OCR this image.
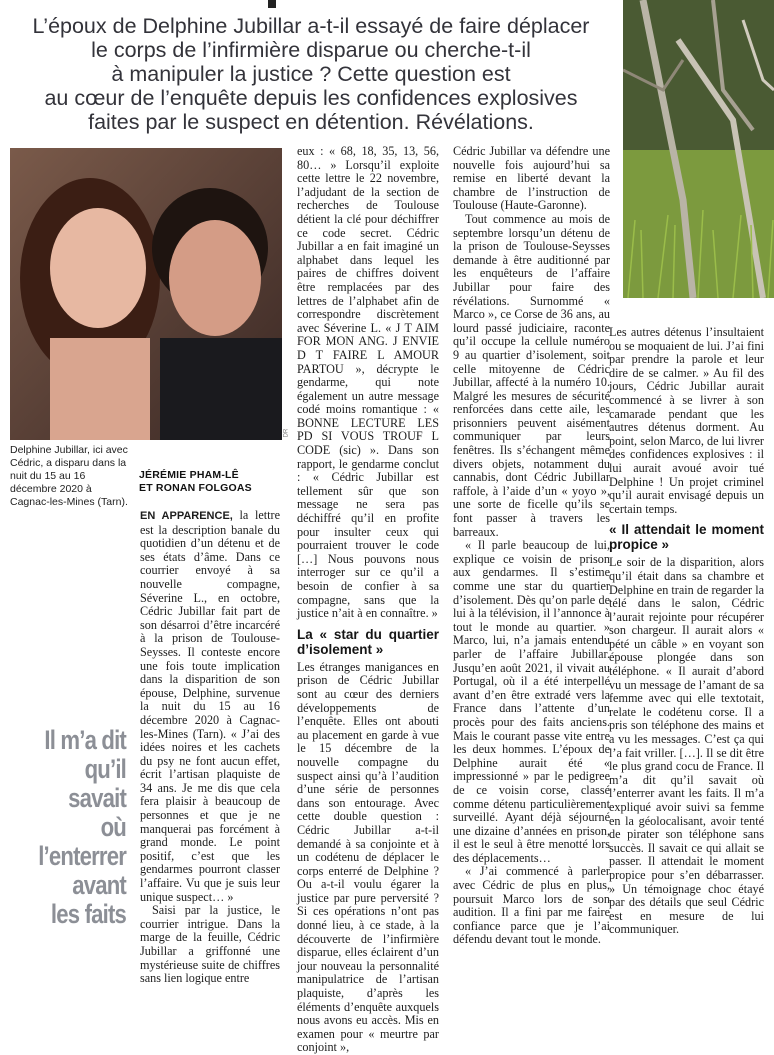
L’époux de Delphine Jubillar a-t-il essayé de faire déplacer
le corps de l’infirmière disparue ou cherche-t-il
à manipuler la justice ? Cette question est
au cœur de l’enquête depuis les confidences explosives
faites par le suspect en détention. Révélations.
DR
Delphine Jubillar, ici avec Cédric, a disparu dans la nuit du 15 au 16 décembre 2020 à Cagnac-les-Mines (Tarn).
JÉRÉMIE PHAM-LÊ
ET RONAN FOLGOAS
Il m’a dit
qu’il savait
où l’enterrer
avant
les faits

EN APPARENCE, la lettre est la description banale du quotidien d’un détenu et de ses états d’âme. Dans ce courrier envoyé à sa nouvelle compagne, Séverine L., en octobre, Cédric Jubillar fait part de son désarroi d’être incarcéré à la prison de Toulouse-Seysses. Il conteste encore une fois toute implication dans la disparition de son épouse, Delphine, survenue la nuit du 15 au 16 décembre 2020 à Cagnac-les-Mines (Tarn). « J’ai des idées noires et les cachets du psy ne font aucun effet, écrit l’artisan plaquiste de 34 ans. Je me dis que cela fera plaisir à beaucoup de personnes et que je ne manquerai pas forcément à grand monde. Le point positif, c’est que les gendarmes pourront classer l’affaire. Vu que je suis leur unique suspect… »

Saisi par la justice, le courrier intrigue. Dans la marge de la feuille, Cédric Jubillar a griffonné une mystérieuse suite de chiffres sans lien logique entre

eux : « 68, 18, 35, 13, 56, 80… » Lorsqu’il exploite cette lettre le 22 novembre, l’adjudant de la section de recherches de Toulouse détient la clé pour déchiffrer ce code secret. Cédric Jubillar a en fait imaginé un alphabet dans lequel les paires de chiffres doivent être remplacées par des lettres de l’alphabet afin de correspondre discrètement avec Séverine L. « J T AIM FOR MON ANG. J ENVIE D T FAIRE L AMOUR PARTOU », décrypte le gendarme, qui note également un autre message codé moins romantique : « BONNE LECTURE LES PD SI VOUS TROUF L CODE (sic) ». Dans son rapport, le gendarme conclut : « Cédric Jubillar est tellement sûr que son message ne sera pas déchiffré qu’il en profite pour insulter ceux qui pourraient trouver le code […] Nous pouvons nous interroger sur ce qu’il a besoin de confier à sa compagne, sans que la justice n’ait à en connaître. »

La « star du quartier d’isolement »

Les étranges manigances en prison de Cédric Jubillar sont au cœur des derniers développements de l’enquête. Elles ont abouti au placement en garde à vue le 15 décembre de la nouvelle compagne du suspect ainsi qu’à l’audition d’une série de personnes dans son entourage. Avec cette double question : Cédric Jubillar a-t-il demandé à sa conjointe et à un codétenu de déplacer le corps enterré de Delphine ? Ou a-t-il voulu égarer la justice par pure perversité ? Si ces opérations n’ont pas donné lieu, à ce stade, à la découverte de l’infirmière disparue, elles éclairent d’un jour nouveau la personnalité manipulatrice de l’artisan plaquiste, d’après les éléments d’enquête auxquels nous avons eu accès. Mis en examen pour « meurtre par conjoint »,

Cédric Jubillar va défendre une nouvelle fois aujourd’hui sa remise en liberté devant la chambre de l’instruction de Toulouse (Haute-Garonne).

Tout commence au mois de septembre lorsqu’un détenu de la prison de Toulouse-Seysses demande à être auditionné par les enquêteurs de l’affaire Jubillar pour faire des révélations. Surnommé « Marco », ce Corse de 36 ans, au lourd passé judiciaire, raconte qu’il occupe la cellule numéro 9 au quartier d’isolement, soit celle mitoyenne de Cédric Jubillar, affecté à la numéro 10. Malgré les mesures de sécurité renforcées dans cette aile, les prisonniers peuvent aisément communiquer par leurs fenêtres. Ils s’échangent même divers objets, notamment du cannabis, dont Cédric Jubillar raffole, à l’aide d’un « yoyo », une sorte de ficelle qu’ils se font passer à travers les barreaux.

« Il parle beaucoup de lui, explique ce voisin de prison aux gendarmes. Il s’estime comme une star du quartier d’isolement. Dès qu’on parle de lui à la télévision, il l’annonce à tout le monde au quartier. » Marco, lui, n’a jamais entendu parler de l’affaire Jubillar. Jusqu’en août 2021, il vivait au Portugal, où il a été interpellé avant d’en être extradé vers la France dans l’attente d’un procès pour des faits anciens. Mais le courant passe vite entre les deux hommes. L’époux de Delphine aurait été « impressionné » par le pedigree de ce voisin corse, classé comme détenu particulièrement surveillé. Ayant déjà séjourné une dizaine d’années en prison, il est le seul à être menotté lors des déplacements…

« J’ai commencé à parler avec Cédric de plus en plus, poursuit Marco lors de son audition. Il a fini par me faire confiance parce que je l’ai défendu devant tout le monde.

Les autres détenus l’insultaient ou se moquaient de lui. J’ai fini par prendre la parole et leur dire de se calmer. » Au fil des jours, Cédric Jubillar aurait commencé à se livrer à son camarade pendant que les autres détenus dorment. Au point, selon Marco, de lui livrer des confidences explosives : il lui aurait avoué avoir tué Delphine ! Un projet criminel qu’il aurait envisagé depuis un certain temps.

« Il attendait le moment propice »

Le soir de la disparition, alors qu’il était dans sa chambre et Delphine en train de regarder la télé dans le salon, Cédric l’aurait rejointe pour récupérer son chargeur. Il aurait alors « pété un câble » en voyant son épouse plongée dans son téléphone. « Il aurait d’abord vu un message de l’amant de sa femme avec qui elle textotait, relate le codétenu corse. Il a pris son téléphone des mains et a vu les messages. C’est ça qui l’a fait vriller. […]. Il se dit être le plus grand cocu de France. Il m’a dit qu’il savait où l’enterrer avant les faits. Il m’a expliqué avoir suivi sa femme en la géolocalisant, avoir tenté de pirater son téléphone sans succès. Il savait ce qui allait se passer. Il attendait le moment propice pour s’en débarrasser. » Un témoignage choc étayé par des détails que seul Cédric est en mesure de lui communiquer.
